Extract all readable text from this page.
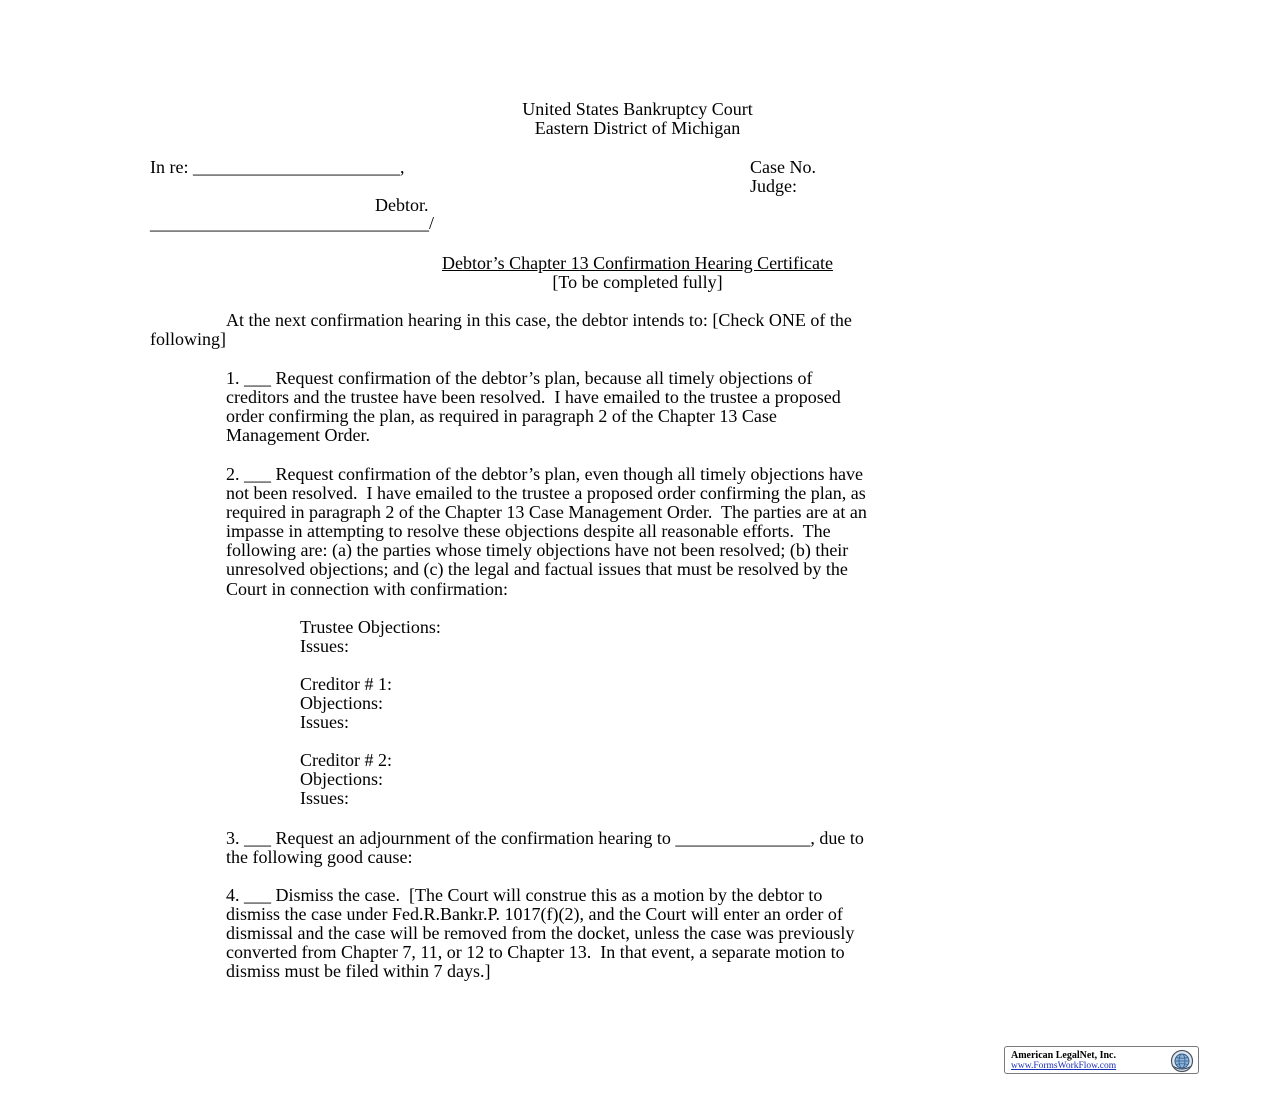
United States Bankruptcy Court
Eastern District of Michigan
In re: _______________________,	Case No.
Judge:
Debtor.
_______________________________/
Debtor’s Chapter 13 Confirmation Hearing Certificate
[To be completed fully]
At the next confirmation hearing in this case, the debtor intends to: [Check ONE of the
following]
1. ___ Request confirmation of the debtor’s plan, because all timely objections of
creditors and the trustee have been resolved.  I have emailed to the trustee a proposed
order confirming the plan, as required in paragraph 2 of the Chapter 13 Case
Management Order.
2. ___ Request confirmation of the debtor’s plan, even though all timely objections have
not been resolved.  I have emailed to the trustee a proposed order confirming the plan, as
required in paragraph 2 of the Chapter 13 Case Management Order.  The parties are at an
impasse in attempting to resolve these objections despite all reasonable efforts.  The
following are: (a) the parties whose timely objections have not been resolved; (b) their
unresolved objections; and (c) the legal and factual issues that must be resolved by the
Court in connection with confirmation:
Trustee Objections:
Issues:
Creditor # 1:
Objections:
Issues:
Creditor # 2:
Objections:
Issues:
3. ___ Request an adjournment of the confirmation hearing to _______________, due to
the following good cause:
4. ___ Dismiss the case.  [The Court will construe this as a motion by the debtor to
dismiss the case under Fed.R.Bankr.P. 1017(f)(2), and the Court will enter an order of
dismissal and the case will be removed from the docket, unless the case was previously
converted from Chapter 7, 11, or 12 to Chapter 13.  In that event, a separate motion to
dismiss must be filed within 7 days.]
American LegalNet, Inc.
www.FormsWorkFlow.com
